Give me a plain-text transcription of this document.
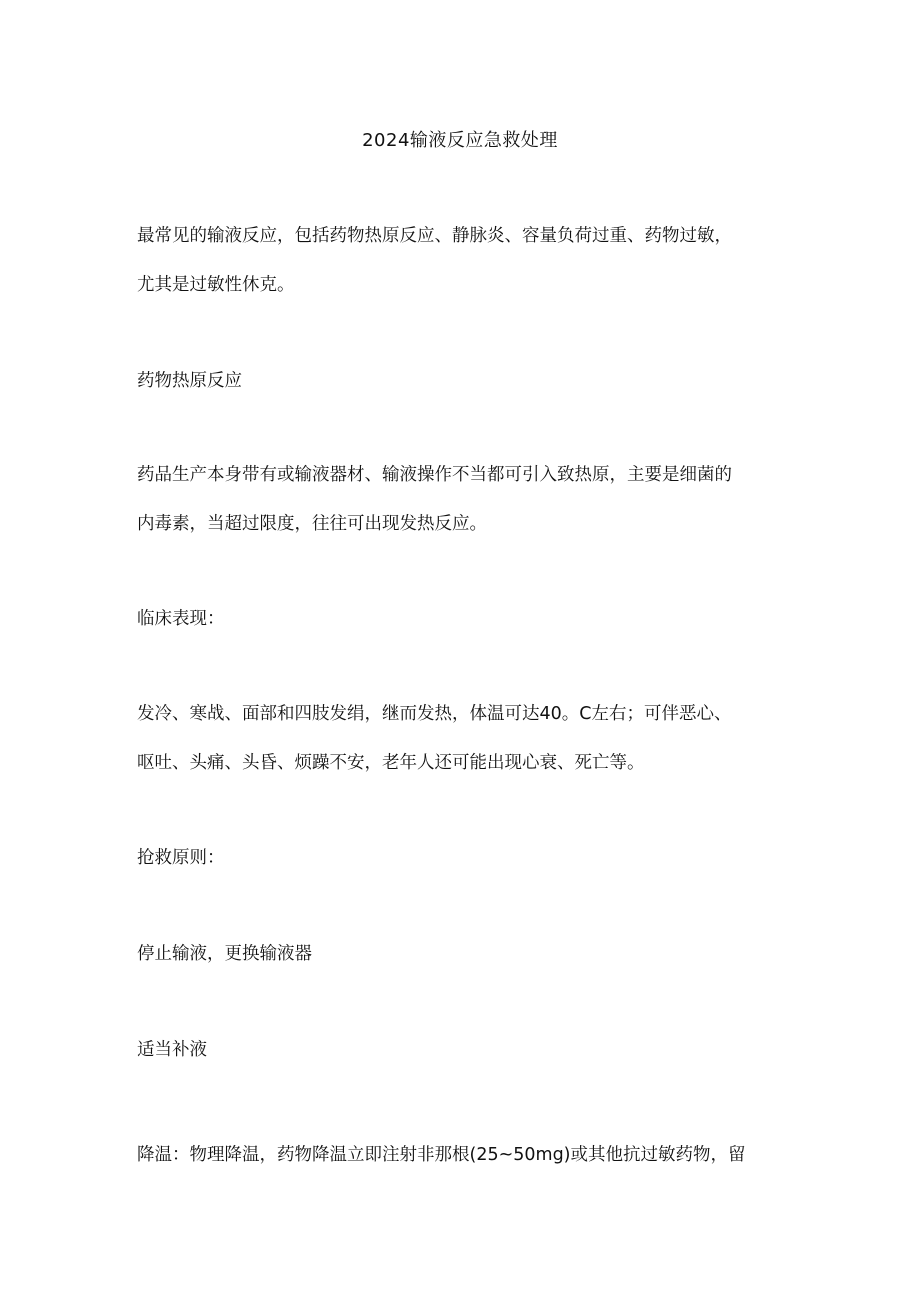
2024输液反应急救处理
最常见的输液反应，包括药物热原反应、静脉炎、容量负荷过重、药物过敏，
尤其是过敏性休克。
药物热原反应
药品生产本身带有或输液器材、输液操作不当都可引入致热原，主要是细菌的
内毒素，当超过限度，往往可出现发热反应。
临床表现：
发冷、寒战、面部和四肢发绢，继而发热，体温可达40。C左右；可伴恶心、
呕吐、头痛、头昏、烦躁不安，老年人还可能出现心衰、死亡等。
抢救原则：
停止输液，更换输液器
适当补液
降温：物理降温，药物降温立即注射非那根(25~50mg)或其他抗过敏药物，留
